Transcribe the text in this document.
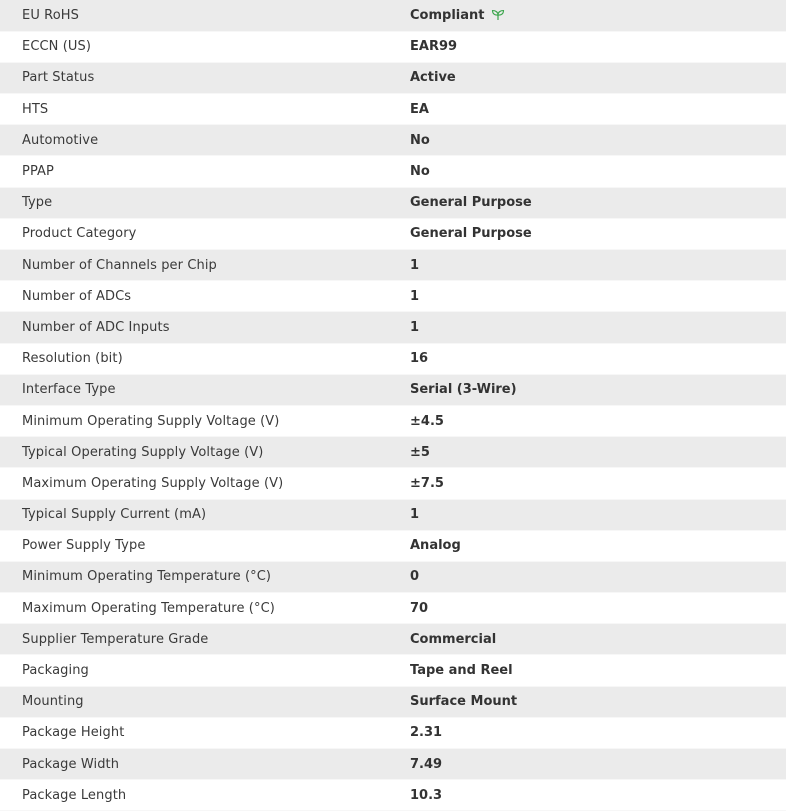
EU RoHS	Compliant

ECCN (US)	EAR99
Part Status	Active
HTS	EA
Automotive	No
PPAP	No
Type	General Purpose
Product Category	General Purpose
Number of Channels per Chip	1
Number of ADCs	1
Number of ADC Inputs	1
Resolution (bit)	16
Interface Type	Serial (3-Wire)
Minimum Operating Supply Voltage (V)	±4.5
Typical Operating Supply Voltage (V)	±5
Maximum Operating Supply Voltage (V)	±7.5
Typical Supply Current (mA)	1
Power Supply Type	Analog
Minimum Operating Temperature (°C)	0
Maximum Operating Temperature (°C)	70
Supplier Temperature Grade	Commercial
Packaging	Tape and Reel
Mounting	Surface Mount
Package Height	2.31
Package Width	7.49
Package Length	10.3
